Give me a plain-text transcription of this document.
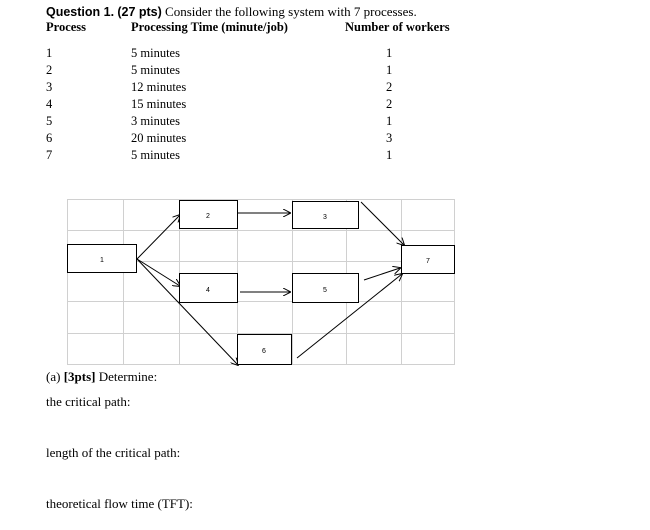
Question 1. (27 pts) Consider the following system with 7 processes.
Process	Processing Time (minute/job)	Number of workers
1	5 minutes	1
2	5 minutes	1
3	12 minutes	2
4	15 minutes	2
5	3 minutes	1
6	20 minutes	3
7	5 minutes	1
1
2	3
4	5
6
7
(a) [3pts] Determine:
the critical path:
length of the critical path:
theoretical flow time (TFT):
